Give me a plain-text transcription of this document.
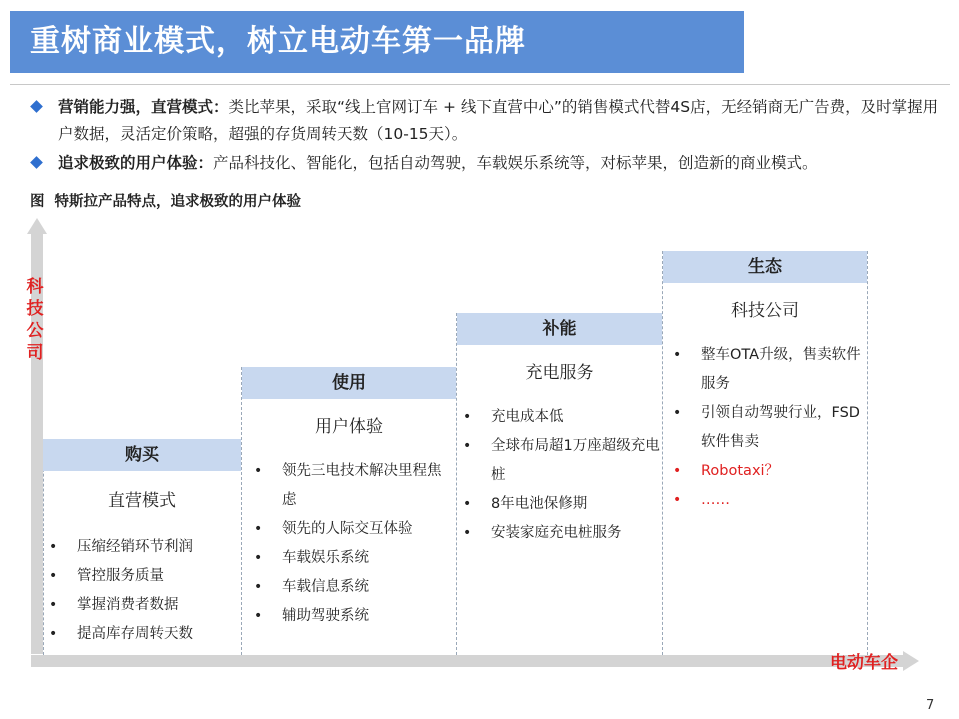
重树商业模式，树立电动车第一品牌
营销能力强，直营模式：类比苹果，采取“线上官网订车 + 线下直营中心”的销售模式代替4S店，无经销商无广告费，及时掌握用户数据，灵活定价策略，超强的存货周转天数（10-15天）。
追求极致的用户体验：产品科技化、智能化，包括自动驾驶，车载娱乐系统等，对标苹果，创造新的商业模式。
图 特斯拉产品特点，追求极致的用户体验
科技公司
电动车企
购买
直营模式
• 压缩经销环节利润
• 管控服务质量
• 掌握消费者数据
• 提高库存周转天数
使用
用户体验
• 领先三电技术解决里程焦虑
• 领先的人际交互体验
• 车载娱乐系统
• 车载信息系统
• 辅助驾驶系统
补能
充电服务
• 充电成本低
• 全球布局超1万座超级充电桩
• 8年电池保修期
• 安装家庭充电桩服务
生态
科技公司
• 整车OTA升级，售卖软件服务
• 引领自动驾驶行业，FSD软件售卖
• Robotaxi？
• ……
7
